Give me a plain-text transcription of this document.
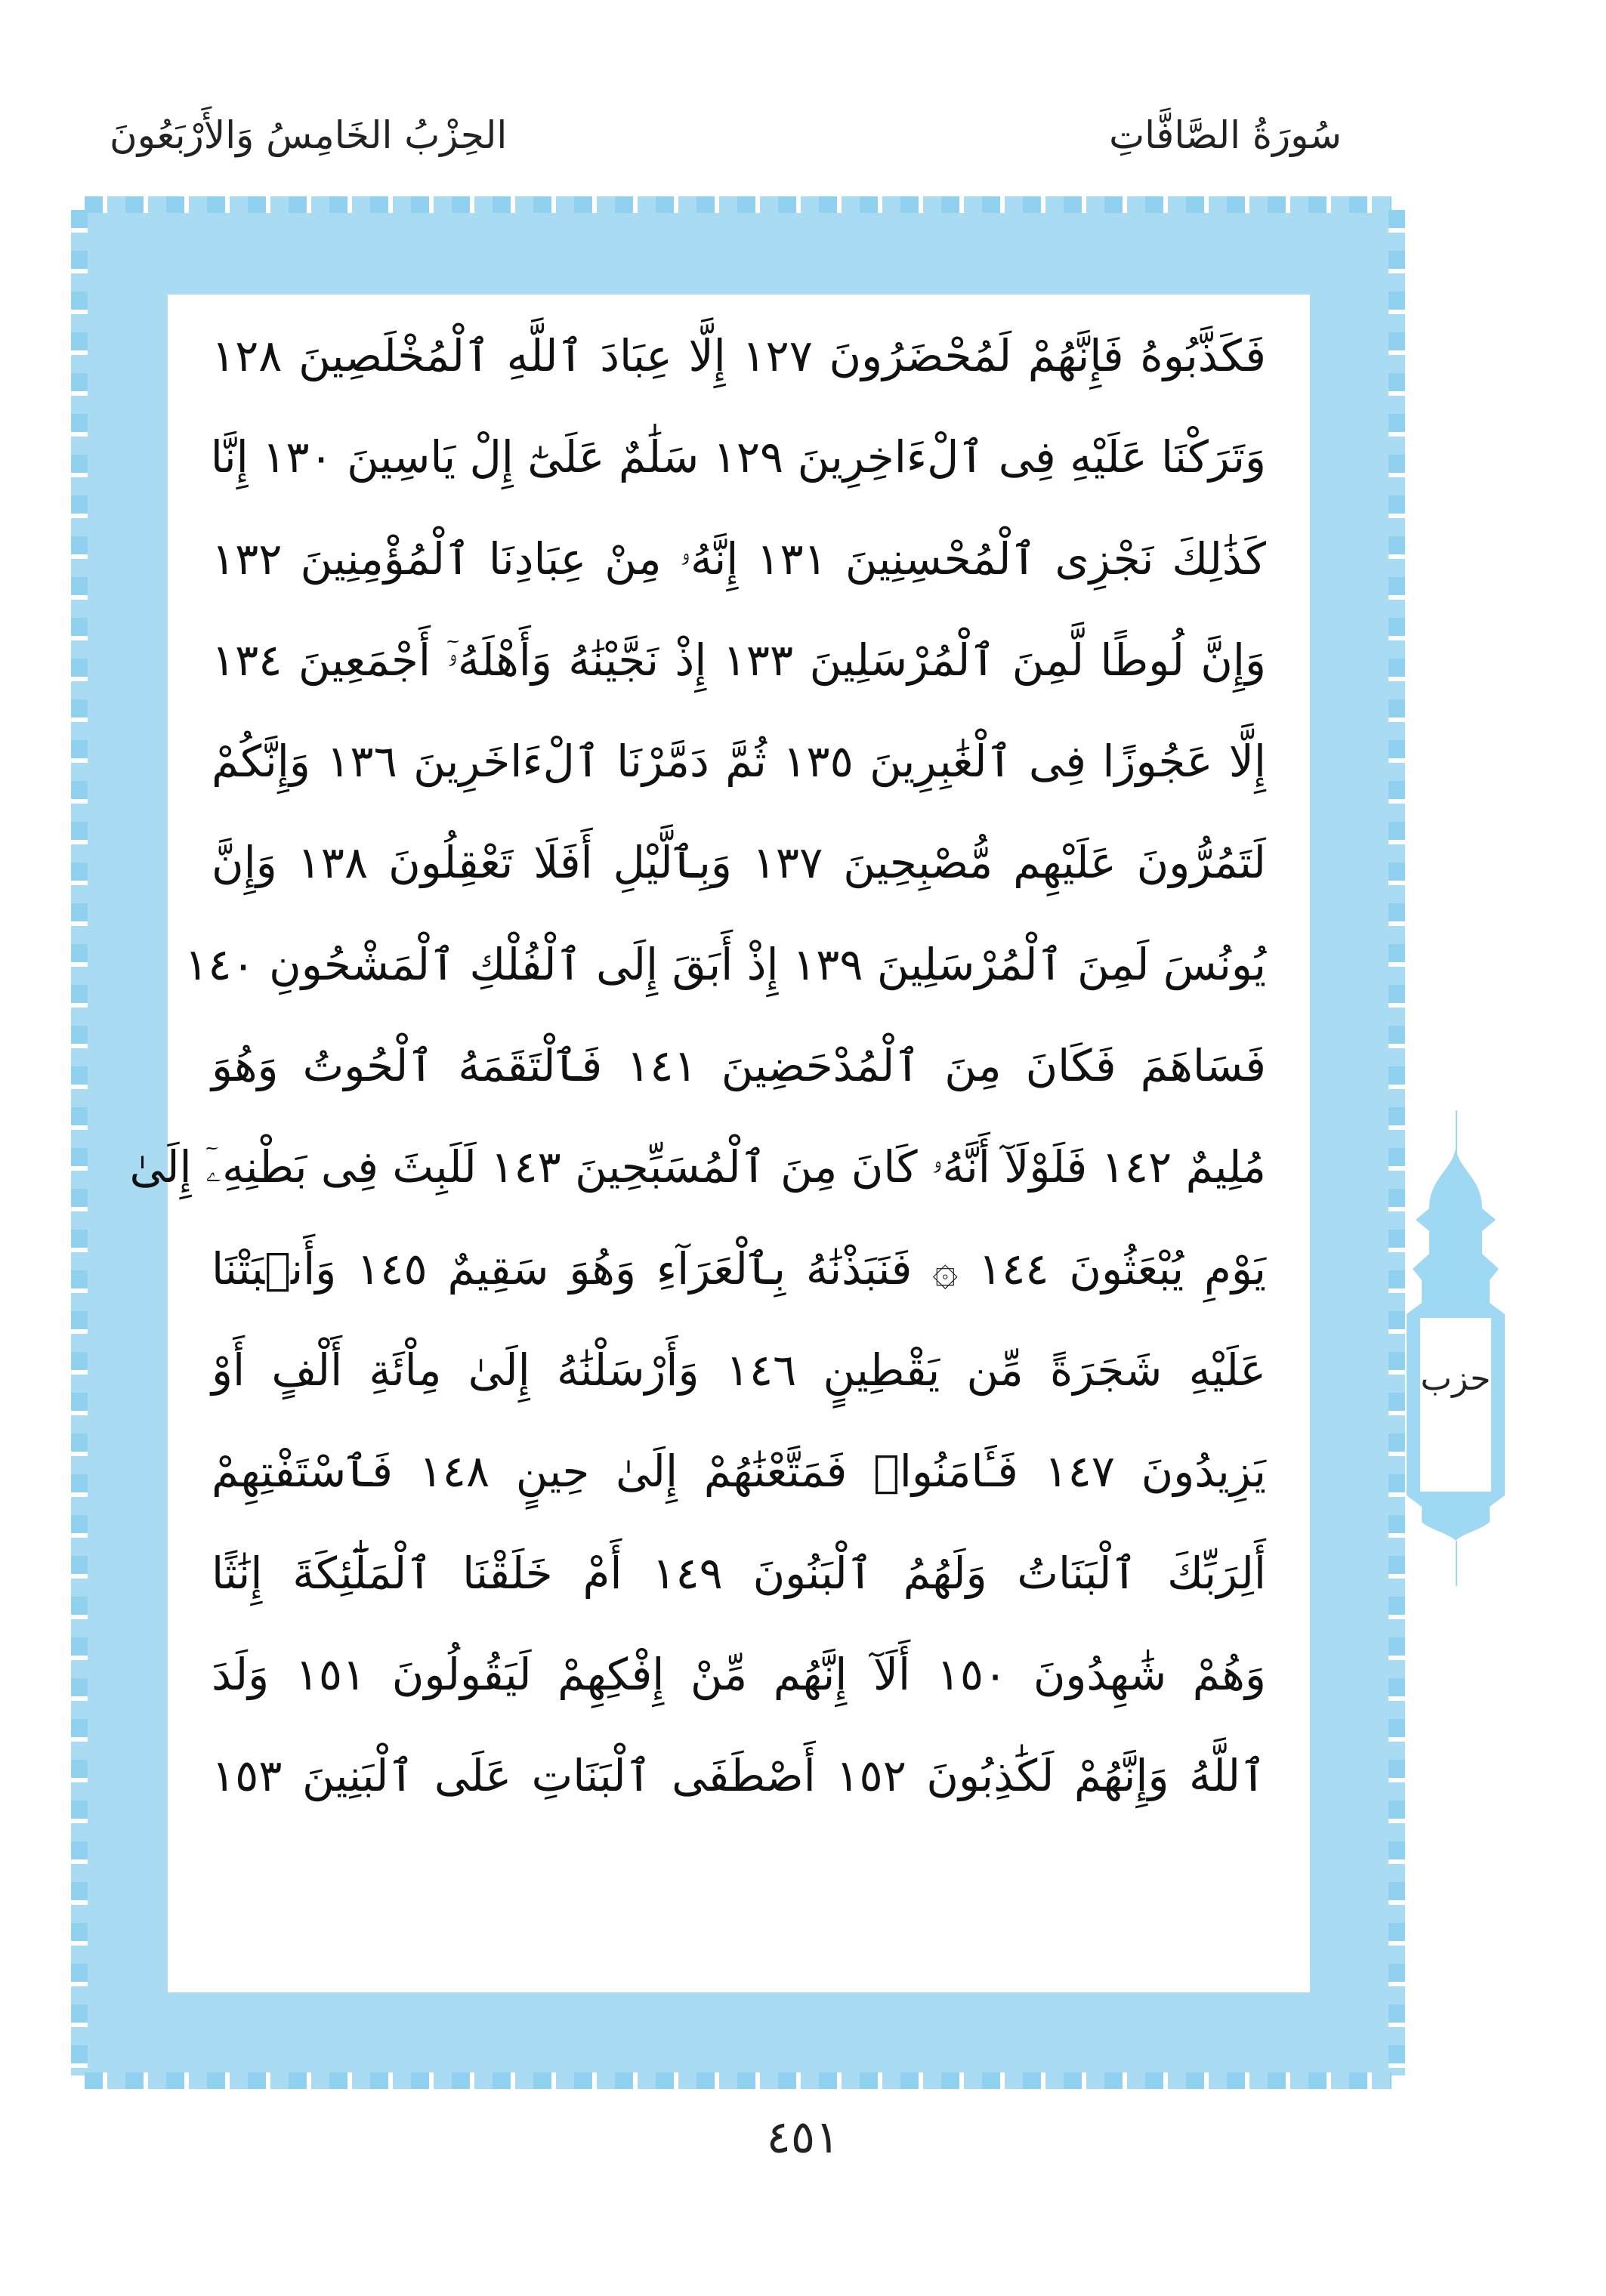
سُورَةُ الصَّافَّاتِ
الحِزْبُ الخَامِسُ وَالأَرْبَعُونَ
فَكَذَّبُوهُ فَإِنَّهُمْ لَمُحْضَرُونَ ١٢٧ إِلَّا عِبَادَ ٱللَّهِ ٱلْمُخْلَصِينَ ١٢٨
وَتَرَكْنَا عَلَيْهِ فِى ٱلْءَاخِرِينَ ١٢٩ سَلَٰمٌ عَلَىٰٓ إِلْ يَاسِينَ ١٣٠ إِنَّا
كَذَٰلِكَ نَجْزِى ٱلْمُحْسِنِينَ ١٣١ إِنَّهُۥ مِنْ عِبَادِنَا ٱلْمُؤْمِنِينَ ١٣٢
وَإِنَّ لُوطًا لَّمِنَ ٱلْمُرْسَلِينَ ١٣٣ إِذْ نَجَّيْنَٰهُ وَأَهْلَهُۥٓ أَجْمَعِينَ ١٣٤
إِلَّا عَجُوزًا فِى ٱلْغَٰبِرِينَ ١٣٥ ثُمَّ دَمَّرْنَا ٱلْءَاخَرِينَ ١٣٦ وَإِنَّكُمْ
لَتَمُرُّونَ عَلَيْهِم مُّصْبِحِينَ ١٣٧ وَبِٱلَّيْلِ أَفَلَا تَعْقِلُونَ ١٣٨ وَإِنَّ
يُونُسَ لَمِنَ ٱلْمُرْسَلِينَ ١٣٩ إِذْ أَبَقَ إِلَى ٱلْفُلْكِ ٱلْمَشْحُونِ ١٤٠
فَسَاهَمَ فَكَانَ مِنَ ٱلْمُدْحَضِينَ ١٤١ فَٱلْتَقَمَهُ ٱلْحُوتُ وَهُوَ
مُلِيمٌ ١٤٢ فَلَوْلَآ أَنَّهُۥ كَانَ مِنَ ٱلْمُسَبِّحِينَ ١٤٣ لَلَبِثَ فِى بَطْنِهِۦٓ إِلَىٰ
يَوْمِ يُبْعَثُونَ ١٤٤ ۞ فَنَبَذْنَٰهُ بِٱلْعَرَآءِ وَهُوَ سَقِيمٌ ١٤٥ وَأَنۢبَتْنَا
عَلَيْهِ شَجَرَةً مِّن يَقْطِينٍ ١٤٦ وَأَرْسَلْنَٰهُ إِلَىٰ مِاْئَةِ أَلْفٍ أَوْ
يَزِيدُونَ ١٤٧ فَـَٔامَنُوا۟ فَمَتَّعْنَٰهُمْ إِلَىٰ حِينٍ ١٤٨ فَٱسْتَفْتِهِمْ
أَلِرَبِّكَ ٱلْبَنَاتُ وَلَهُمُ ٱلْبَنُونَ ١٤٩ أَمْ خَلَقْنَا ٱلْمَلَٰٓئِكَةَ إِنَٰثًا
وَهُمْ شَٰهِدُونَ ١٥٠ أَلَآ إِنَّهُم مِّنْ إِفْكِهِمْ لَيَقُولُونَ ١٥١ وَلَدَ
ٱللَّهُ وَإِنَّهُمْ لَكَٰذِبُونَ ١٥٢ أَصْطَفَى ٱلْبَنَاتِ عَلَى ٱلْبَنِينَ ١٥٣
حزب
٤٥١
